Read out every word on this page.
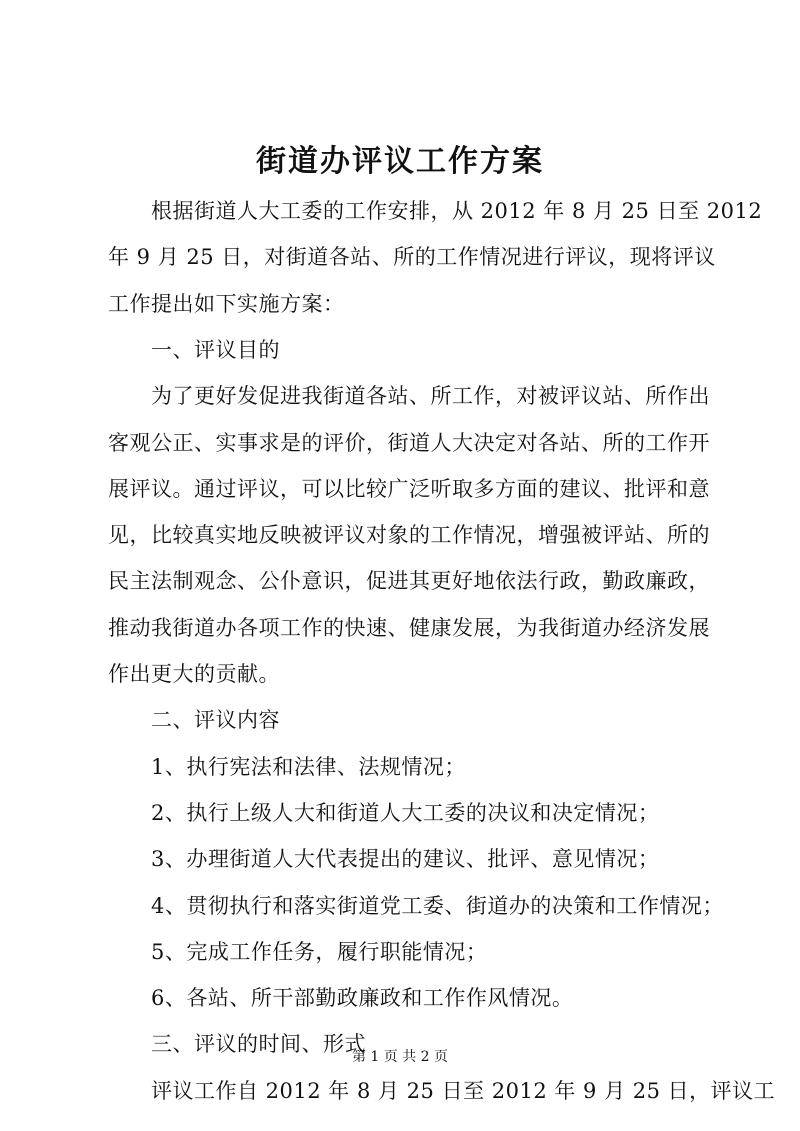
街道办评议工作方案
　　根据街道人大工委的工作安排，从 2012 年 8 月 25 日至 2012
年 9 月 25 日，对街道各站、所的工作情况进行评议，现将评议
工作提出如下实施方案：
　　一、评议目的
　　为了更好发促进我街道各站、所工作，对被评议站、所作出
客观公正、实事求是的评价，街道人大决定对各站、所的工作开
展评议。通过评议，可以比较广泛听取多方面的建议、批评和意
见，比较真实地反映被评议对象的工作情况，增强被评站、所的
民主法制观念、公仆意识，促进其更好地依法行政，勤政廉政，
推动我街道办各项工作的快速、健康发展，为我街道办经济发展
作出更大的贡献。
　　二、评议内容
　　1、执行宪法和法律、法规情况；
　　2、执行上级人大和街道人大工委的决议和决定情况；
　　3、办理街道人大代表提出的建议、批评、意见情况；
　　4、贯彻执行和落实街道党工委、街道办的决策和工作情况；
　　5、完成工作任务，履行职能情况；
　　6、各站、所干部勤政廉政和工作作风情况。
　　三、评议的时间、形式
　　评议工作自 2012 年 8 月 25 日至 2012 年 9 月 25 日，评议工
第 1 页 共 2 页
